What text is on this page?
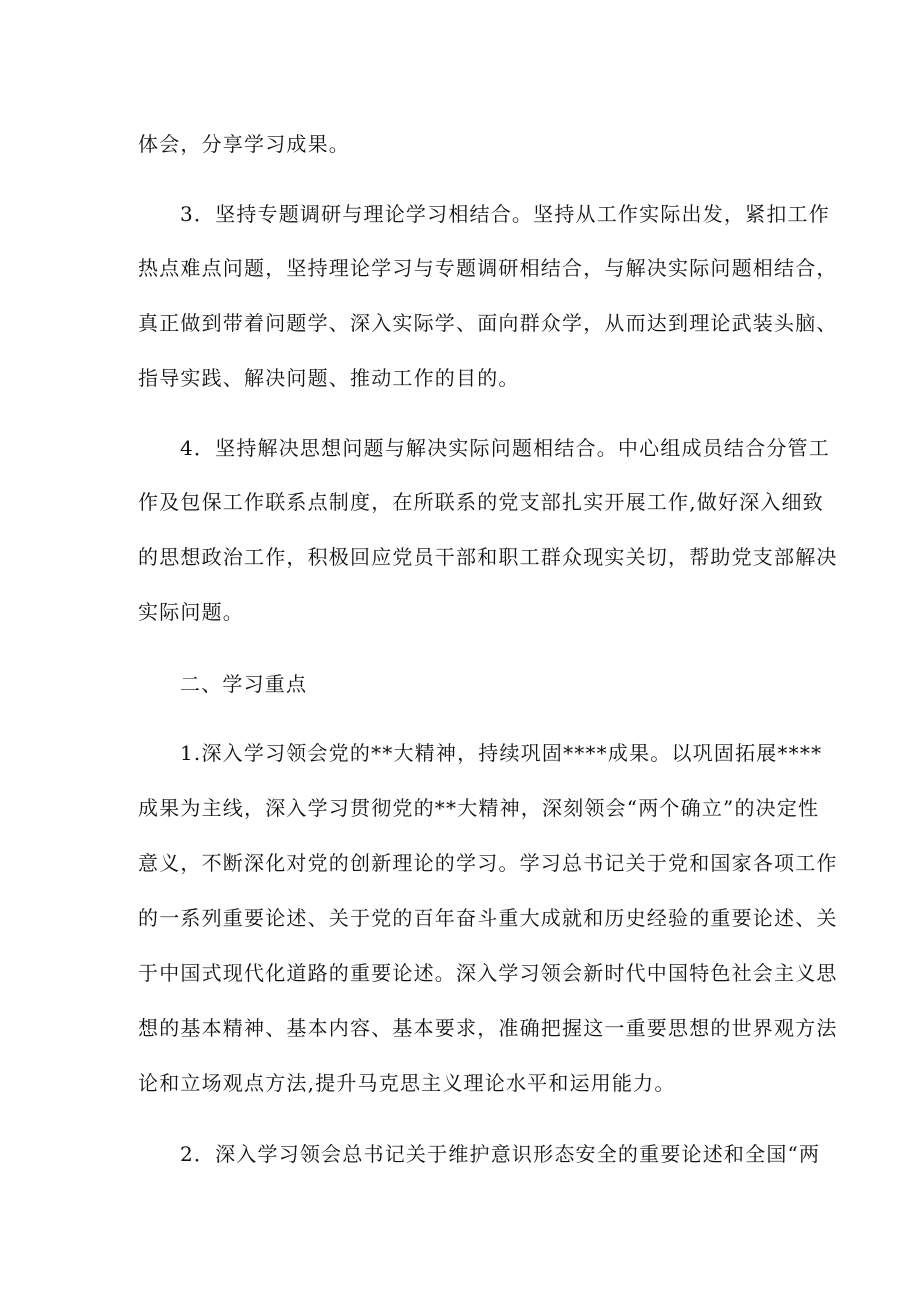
体会，分享学习成果。
3．坚持专题调研与理论学习相结合。坚持从工作实际出发，紧扣工作
热点难点问题，坚持理论学习与专题调研相结合，与解决实际问题相结合，
真正做到带着问题学、深入实际学、面向群众学，从而达到理论武装头脑、
指导实践、解决问题、推动工作的目的。
4．坚持解决思想问题与解决实际问题相结合。中心组成员结合分管工
作及包保工作联系点制度，在所联系的党支部扎实开展工作,做好深入细致
的思想政治工作，积极回应党员干部和职工群众现实关切，帮助党支部解决
实际问题。
二、学习重点
1.深入学习领会党的**大精神，持续巩固****成果。以巩固拓展****
成果为主线，深入学习贯彻党的**大精神，深刻领会“两个确立”的决定性
意义，不断深化对党的创新理论的学习。学习总书记关于党和国家各项工作
的一系列重要论述、关于党的百年奋斗重大成就和历史经验的重要论述、关
于中国式现代化道路的重要论述。深入学习领会新时代中国特色社会主义思
想的基本精神、基本内容、基本要求，准确把握这一重要思想的世界观方法
论和立场观点方法,提升马克思主义理论水平和运用能力。
2．深入学习领会总书记关于维护意识形态安全的重要论述和全国“两
